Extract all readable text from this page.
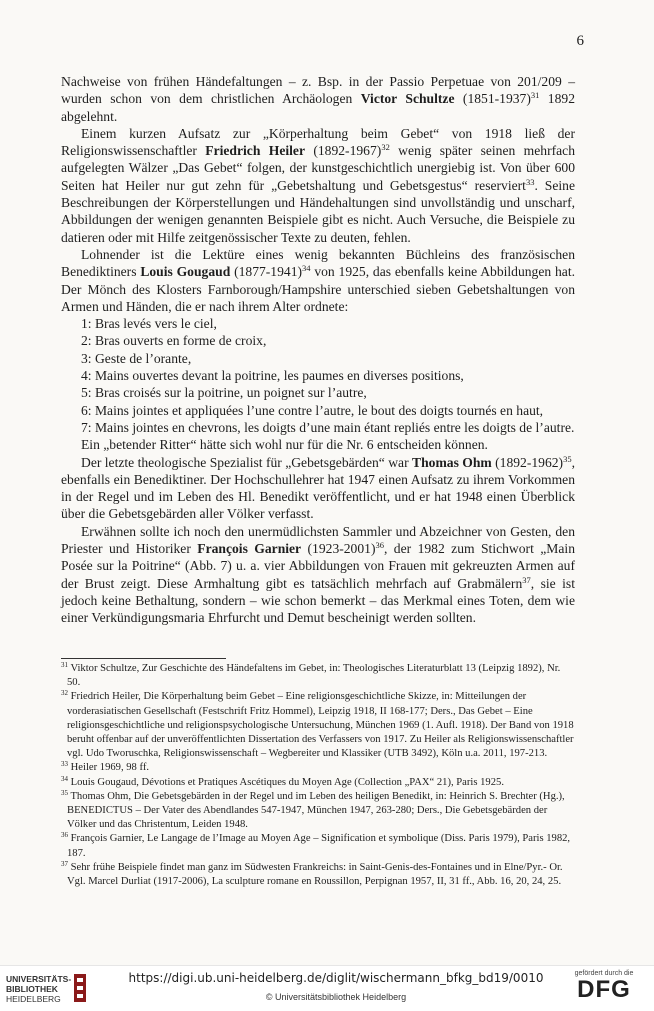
6

Nachweise von frühen Händefaltungen – z. Bsp. in der Passio Perpetuae von 201/209 – wurden schon von dem christlichen Archäologen Victor Schultze (1851-1937)$^{31}$ 1892 abgelehnt.

Einem kurzen Aufsatz zur „Körperhaltung beim Gebet“ von 1918 ließ der Religionswissenschaftler Friedrich Heiler (1892-1967)$^{32}$ wenig später seinen mehrfach aufgelegten Wälzer „Das Gebet“ folgen, der kunstgeschichtlich unergiebig ist. Von über 600 Seiten hat Heiler nur gut zehn für „Gebetshaltung und Gebetsgestus“ reserviert$^{33}$. Seine Beschreibungen der Körperstellungen und Händehaltungen sind unvollständig und unscharf, Abbildungen der wenigen genannten Beispiele gibt es nicht. Auch Versuche, die Beispiele zu datieren oder mit Hilfe zeitgenössischer Texte zu deuten, fehlen.

Lohnender ist die Lektüre eines wenig bekannten Büchleins des französischen Benediktiners Louis Gougaud (1877-1941)$^{34}$ von 1925, das ebenfalls keine Abbildungen hat. Der Mönch des Klosters Farnborough/Hampshire unterschied sieben Gebetshaltungen von Armen und Händen, die er nach ihrem Alter ordnete:
1: Bras levés vers le ciel,
2: Bras ouverts en forme de croix,
3: Geste de l’orante,
4: Mains ouvertes devant la poitrine, les paumes en diverses positions,
5: Bras croisés sur la poitrine, un poignet sur l’autre,
6: Mains jointes et appliquées l’une contre l’autre, le bout des doigts tournés en haut,
7: Mains jointes en chevrons, les doigts d’une main étant repliés entre les doigts de l’autre.
Ein „betender Ritter“ hätte sich wohl nur für die Nr. 6 entscheiden können.

Der letzte theologische Spezialist für „Gebetsgebärden“ war Thomas Ohm (1892-1962)$^{35}$, ebenfalls ein Benediktiner. Der Hochschullehrer hat 1947 einen Aufsatz zu ihrem Vorkommen in der Regel und im Leben des Hl. Benedikt veröffentlicht, und er hat 1948 einen Überblick über die Gebetsgebärden aller Völker verfasst.

Erwähnen sollte ich noch den unermüdlichsten Sammler und Abzeichner von Gesten, den Priester und Historiker François Garnier (1923-2001)$^{36}$, der 1982 zum Stichwort „Main Posée sur la Poitrine“ (Abb. 7) u. a. vier Abbildungen von Frauen mit gekreuzten Armen auf der Brust zeigt. Diese Armhaltung gibt es tatsächlich mehrfach auf Grabmälern$^{37}$, sie ist jedoch keine Bethaltung, sondern – wie schon bemerkt – das Merkmal eines Toten, dem wie einer Verkündigungsmaria Ehrfurcht und Demut bescheinigt werden sollten.

$^{31}$ Viktor Schultze, Zur Geschichte des Händefaltens im Gebet, in: Theologisches Literaturblatt 13 (Leipzig 1892), Nr. 50.

$^{32}$ Friedrich Heiler, Die Körperhaltung beim Gebet – Eine religionsgeschichtliche Skizze, in: Mitteilungen der vorderasiatischen Gesellschaft (Festschrift Fritz Hommel), Leipzig 1918, II 168-177; Ders., Das Gebet – Eine religionsgeschichtliche und religionspsychologische Untersuchung, München 1969 (1. Aufl. 1918). Der Band von 1918 beruht offenbar auf der unveröffentlichten Dissertation des Verfassers von 1917. Zu Heiler als Religionswissenschaftler vgl. Udo Tworuschka, Religionswissenschaft – Wegbereiter und Klassiker (UTB 3492), Köln u.a. 2011, 197-213.

$^{33}$ Heiler 1969, 98 ff.

$^{34}$ Louis Gougaud, Dévotions et Pratiques Ascétiques du Moyen Age (Collection „PAX“ 21), Paris 1925.

$^{35}$ Thomas Ohm, Die Gebetsgebärden in der Regel und im Leben des heiligen Benedikt, in: Heinrich S. Brechter (Hg.), BENEDICTUS – Der Vater des Abendlandes 547-1947, München 1947, 263-280; Ders., Die Gebetsgebärden der Völker und das Christentum, Leiden 1948.

$^{36}$ François Garnier, Le Langage de l’Image au Moyen Age – Signification et symbolique (Diss. Paris 1979), Paris 1982, 187.

$^{37}$ Sehr frühe Beispiele findet man ganz im Südwesten Frankreichs: in Saint-Genis-des-Fontaines und in Elne/Pyr.- Or. Vgl. Marcel Durliat (1917-2006), La sculpture romane en Roussillon, Perpignan 1957, II, 31 ff., Abb. 16, 20, 24, 25.

UNIVERSITÄTS-
BIBLIOTHEK
HEIDELBERG
https://digi.ub.uni-heidelberg.de/diglit/wischermann_bfkg_bd19/0010
© Universitätsbibliothek Heidelberg
gefördert durch die
DFG
